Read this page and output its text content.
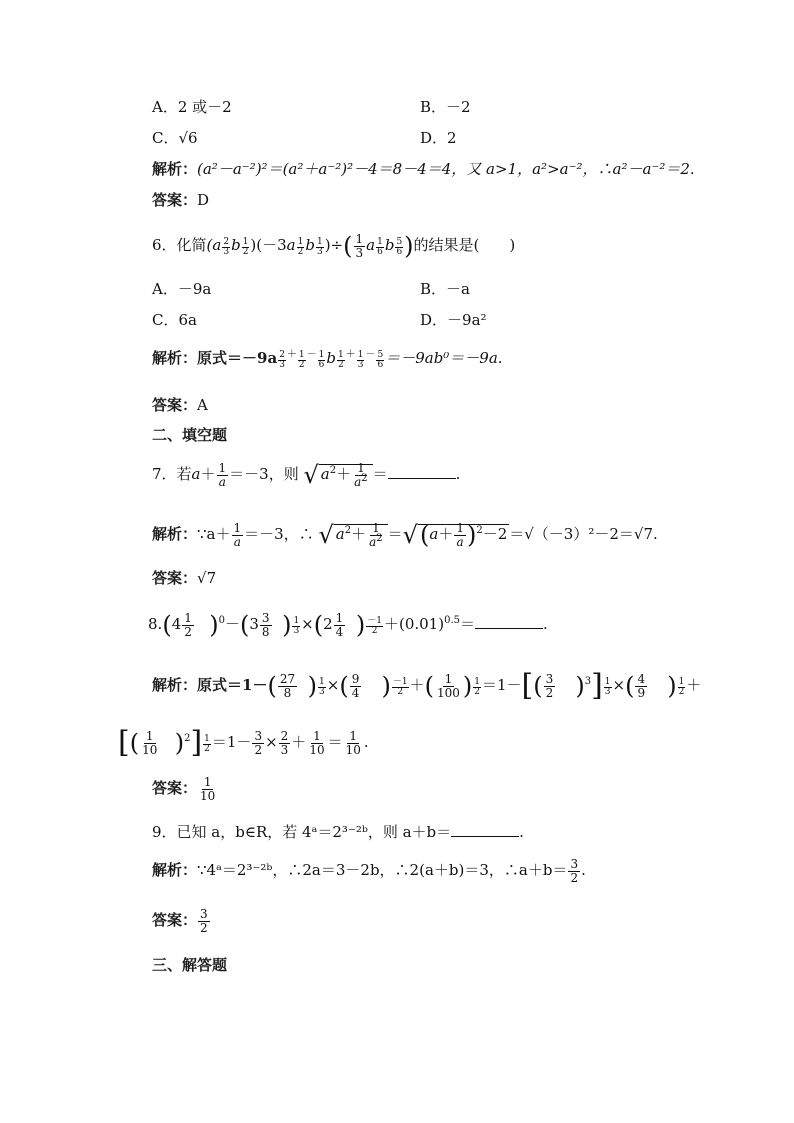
A．2 或－2	B．－2
C．√6	D．2
解析：(a²－a⁻²)²＝(a²＋a⁻²)²－4＝8－4＝4，又 a>1，a²>a⁻²，∴a²－a⁻²＝2.
答案：D
6．化简($a \frac{2}{3}$ b $\frac{1}{2} )(-3a \frac{1}{2}$ b $\frac{1}{3}$ )÷( $\frac{1}{3}$ a $\frac{1}{6}$ b $\frac{5}{6}$ )的结果是(　　)
A．－9a	B．－a
C．6a	D．－9a²
解析：原式$=-9a \frac{2}{3} ^+ \frac{1}{2} ^- \frac{1}{6}$ b $\frac{1}{2} ^+ \frac{1}{3} ^- \frac{5}{6} =-9ab^0=-9a$.
答案：A
二、填空题
7．若$a+ \frac{1}{a} =-3$，则 √ $a^2+ \frac{1}{a^2}$ ＝	.
解析：∵a＋ $\frac{1}{a} =-3$，∴ √ $a^2+ \frac{1}{a^2} =√(a+ \frac{1}{a} )^2-2 =√(-3)^2-2=√7$.
答案：√7
$8.(4 \frac{1}{2} )^0-(3 \frac{3}{8}$ ) $\frac{1}{3} \times(2 \frac{1}{4}$ ) $\frac{-1}{2} +(0.01)^{0.5}=$	.
解析：原式$=1-( \frac{27}{8}$ ) $\frac{1}{3}$ ×( $\frac{9}{4}$ ) $\frac{-1}{2}$ ＋( $\frac{1}{100}$ ) $\frac{1}{2} =1-[( \frac{3}{2} )^3] \frac{1}{3}$ ×( $\frac{4}{9}$ ) $\frac{1}{2}$ ＋
[( $\frac{1}{10} )^2] \frac{1}{2} =1- \frac{3}{2} \times \frac{2}{3} + \frac{1}{10} = \frac{1}{10}$ .
答案： $\frac{1}{10}$
9．已知 a，b∈R，若 4ᵃ＝2³⁻²ᵇ，则 a＋b＝	.
解析：∵4ᵃ＝2³⁻²ᵇ，∴2a＝3－2b，∴2(a＋b)＝3，∴a＋b＝ $\frac{3}{2}$ .
答案： $\frac{3}{2}$
三、解答题
